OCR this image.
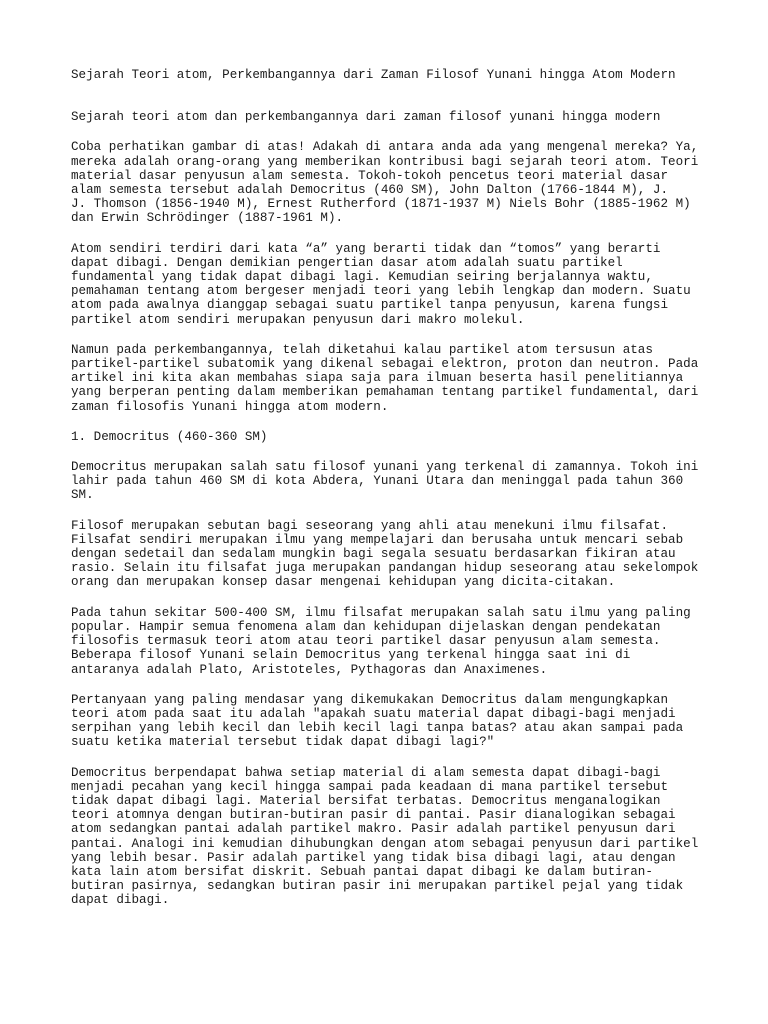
Sejarah Teori atom, Perkembangannya dari Zaman Filosof Yunani hingga Atom Modern

Sejarah teori atom dan perkembangannya dari zaman filosof yunani hingga modern

Coba perhatikan gambar di atas! Adakah di antara anda ada yang mengenal mereka? Ya,
mereka adalah orang-orang yang memberikan kontribusi bagi sejarah teori atom. Teori
material dasar penyusun alam semesta. Tokoh-tokoh pencetus teori material dasar
alam semesta tersebut adalah Democritus (460 SM), John Dalton (1766-1844 M), J.
J. Thomson (1856-1940 M), Ernest Rutherford (1871-1937 M) Niels Bohr (1885-1962 M)
dan Erwin Schrödinger (1887-1961 M).

Atom sendiri terdiri dari kata “a” yang berarti tidak dan “tomos” yang berarti
dapat dibagi. Dengan demikian pengertian dasar atom adalah suatu partikel
fundamental yang tidak dapat dibagi lagi. Kemudian seiring berjalannya waktu,
pemahaman tentang atom bergeser menjadi teori yang lebih lengkap dan modern. Suatu
atom pada awalnya dianggap sebagai suatu partikel tanpa penyusun, karena fungsi
partikel atom sendiri merupakan penyusun dari makro molekul.

Namun pada perkembangannya, telah diketahui kalau partikel atom tersusun atas
partikel-partikel subatomik yang dikenal sebagai elektron, proton dan neutron. Pada
artikel ini kita akan membahas siapa saja para ilmuan beserta hasil penelitiannya
yang berperan penting dalam memberikan pemahaman tentang partikel fundamental, dari
zaman filosofis Yunani hingga atom modern.

1. Democritus (460-360 SM)

Democritus merupakan salah satu filosof yunani yang terkenal di zamannya. Tokoh ini
lahir pada tahun 460 SM di kota Abdera, Yunani Utara dan meninggal pada tahun 360
SM.

Filosof merupakan sebutan bagi seseorang yang ahli atau menekuni ilmu filsafat.
Filsafat sendiri merupakan ilmu yang mempelajari dan berusaha untuk mencari sebab
dengan sedetail dan sedalam mungkin bagi segala sesuatu berdasarkan fikiran atau
rasio. Selain itu filsafat juga merupakan pandangan hidup seseorang atau sekelompok
orang dan merupakan konsep dasar mengenai kehidupan yang dicita-citakan.

Pada tahun sekitar 500-400 SM, ilmu filsafat merupakan salah satu ilmu yang paling
popular. Hampir semua fenomena alam dan kehidupan dijelaskan dengan pendekatan
filosofis termasuk teori atom atau teori partikel dasar penyusun alam semesta.
Beberapa filosof Yunani selain Democritus yang terkenal hingga saat ini di
antaranya adalah Plato, Aristoteles, Pythagoras dan Anaximenes.

Pertanyaan yang paling mendasar yang dikemukakan Democritus dalam mengungkapkan
teori atom pada saat itu adalah "apakah suatu material dapat dibagi-bagi menjadi
serpihan yang lebih kecil dan lebih kecil lagi tanpa batas? atau akan sampai pada
suatu ketika material tersebut tidak dapat dibagi lagi?"

Democritus berpendapat bahwa setiap material di alam semesta dapat dibagi-bagi
menjadi pecahan yang kecil hingga sampai pada keadaan di mana partikel tersebut
tidak dapat dibagi lagi. Material bersifat terbatas. Democritus menganalogikan
teori atomnya dengan butiran-butiran pasir di pantai. Pasir dianalogikan sebagai
atom sedangkan pantai adalah partikel makro. Pasir adalah partikel penyusun dari
pantai. Analogi ini kemudian dihubungkan dengan atom sebagai penyusun dari partikel
yang lebih besar. Pasir adalah partikel yang tidak bisa dibagi lagi, atau dengan
kata lain atom bersifat diskrit. Sebuah pantai dapat dibagi ke dalam butiran-
butiran pasirnya, sedangkan butiran pasir ini merupakan partikel pejal yang tidak
dapat dibagi.
